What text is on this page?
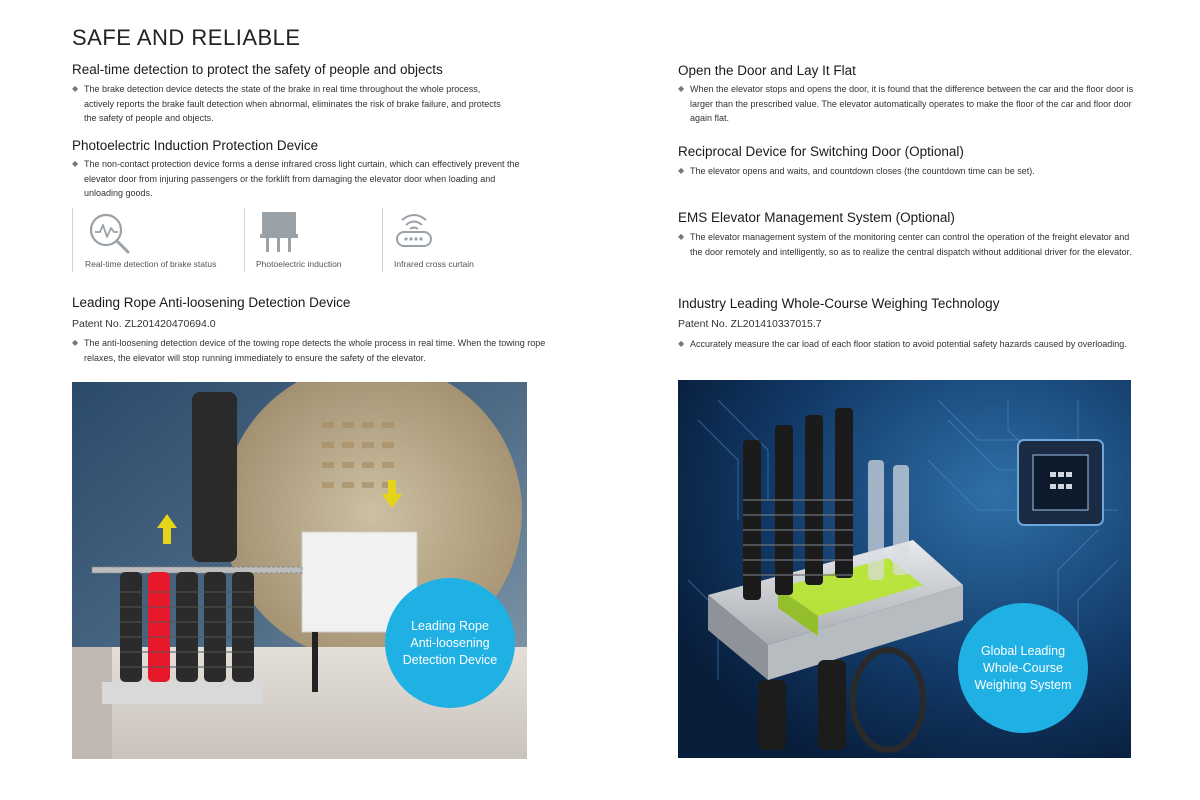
SAFE AND RELIABLE
Real-time detection to protect the safety of people and objects
◆ The brake detection device detects the state of the brake in real time throughout the whole process, actively reports the brake fault detection when abnormal, eliminates the risk of brake failure, and protects the safety of people and objects.
Photoelectric Induction Protection Device
◆ The non-contact protection device forms a dense infrared cross light curtain, which can effectively prevent the elevator door from injuring passengers or the forklift from damaging the elevator door when loading and unloading goods.
Real-time detection of brake status	Photoelectric induction	Infrared cross curtain
Leading Rope Anti-loosening Detection Device
Patent No. ZL201420470694.0
◆ The anti-loosening detection device of the towing rope detects the whole process in real time. When the towing rope relaxes, the elevator will stop running immediately to ensure the safety of the elevator.
Leading Rope
Anti-loosening
Detection Device
Open the Door and Lay It Flat
◆ When the elevator stops and opens the door, it is found that the difference between the car and the floor door is larger than the prescribed value. The elevator automatically operates to make the floor of the car and floor door again flat.
Reciprocal Device for Switching Door (Optional)
◆ The elevator opens and waits, and countdown closes (the countdown time can be set).
EMS Elevator Management System (Optional)
◆ The elevator management system of the monitoring center can control the operation of the freight elevator and the door remotely and intelligently, so as to realize the central dispatch without additional driver for the elevator.
Industry Leading Whole-Course Weighing Technology
Patent No. ZL201410337015.7
◆ Accurately measure the car load of each floor station to avoid potential safety hazards caused by overloading.
Global Leading
Whole-Course
Weighing System
